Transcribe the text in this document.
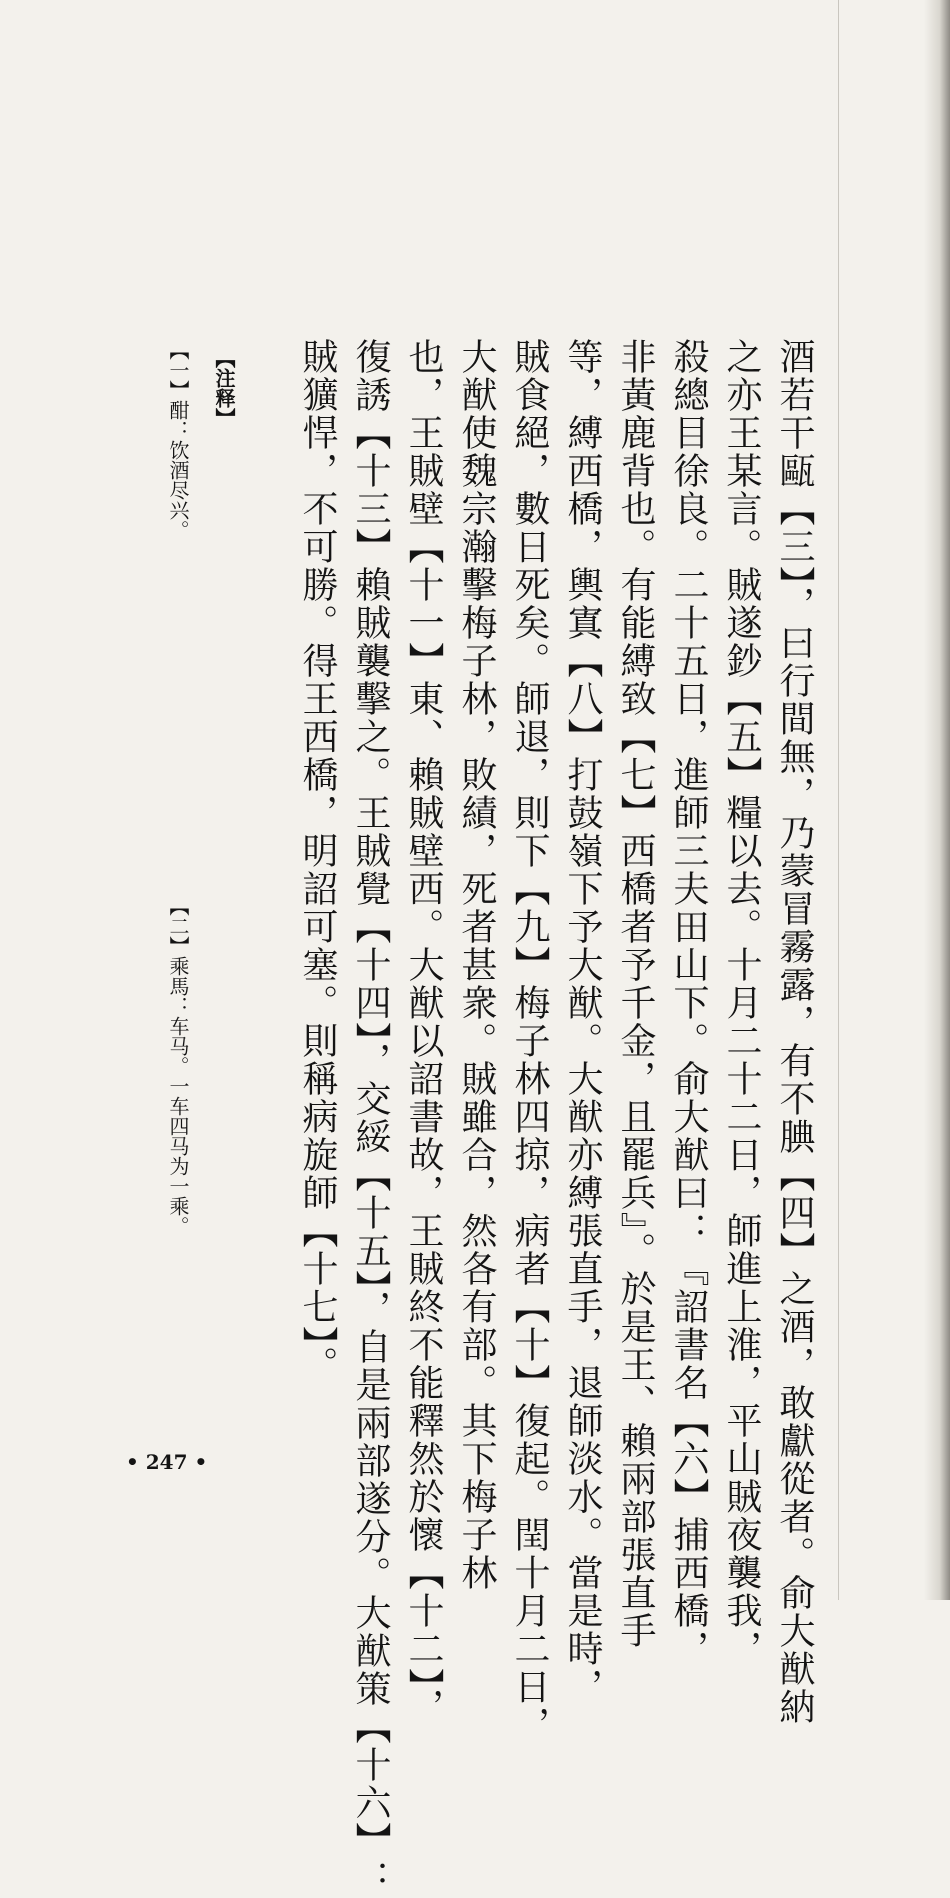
酒若干甌【三】，曰行間無，乃蒙冒霧露，有不腆【四】之酒，敢獻從者。俞大猷納
之亦王某言。賊遂鈔【五】糧以去。十月二十二日，師進上淮，平山賊夜襲我，
殺總目徐良。二十五日，進師三夫田山下。俞大猷曰：『詔書名【六】捕西橋，
非黃鹿背也。有能縛致【七】西橋者予千金，且罷兵』。於是王、賴兩部張直手
等，縛西橋，輿寘【八】打鼓嶺下予大猷。大猷亦縛張直手，退師淡水。當是時，
賊食絕，數日死矣。師退，則下【九】梅子林四掠，病者【十】復起。閏十月二日，
大猷使魏宗瀚擊梅子林，敗績，死者甚衆。賊雖合，然各有部。其下梅子林
也，王賊壁【十一】東、賴賊壁西。大猷以詔書故，王賊終不能釋然於懷【十二】，
復誘【十三】賴賊襲擊之。王賊覺【十四】，交綏【十五】，自是兩部遂分。大猷策【十六】：
賊獷悍，不可勝。得王西橋，明詔可塞。則稱病旋師【十七】。
【注释】
【一】酣：饮酒尽兴。
【二】乘馬：车马。一车四马为一乘。
• 247 •
